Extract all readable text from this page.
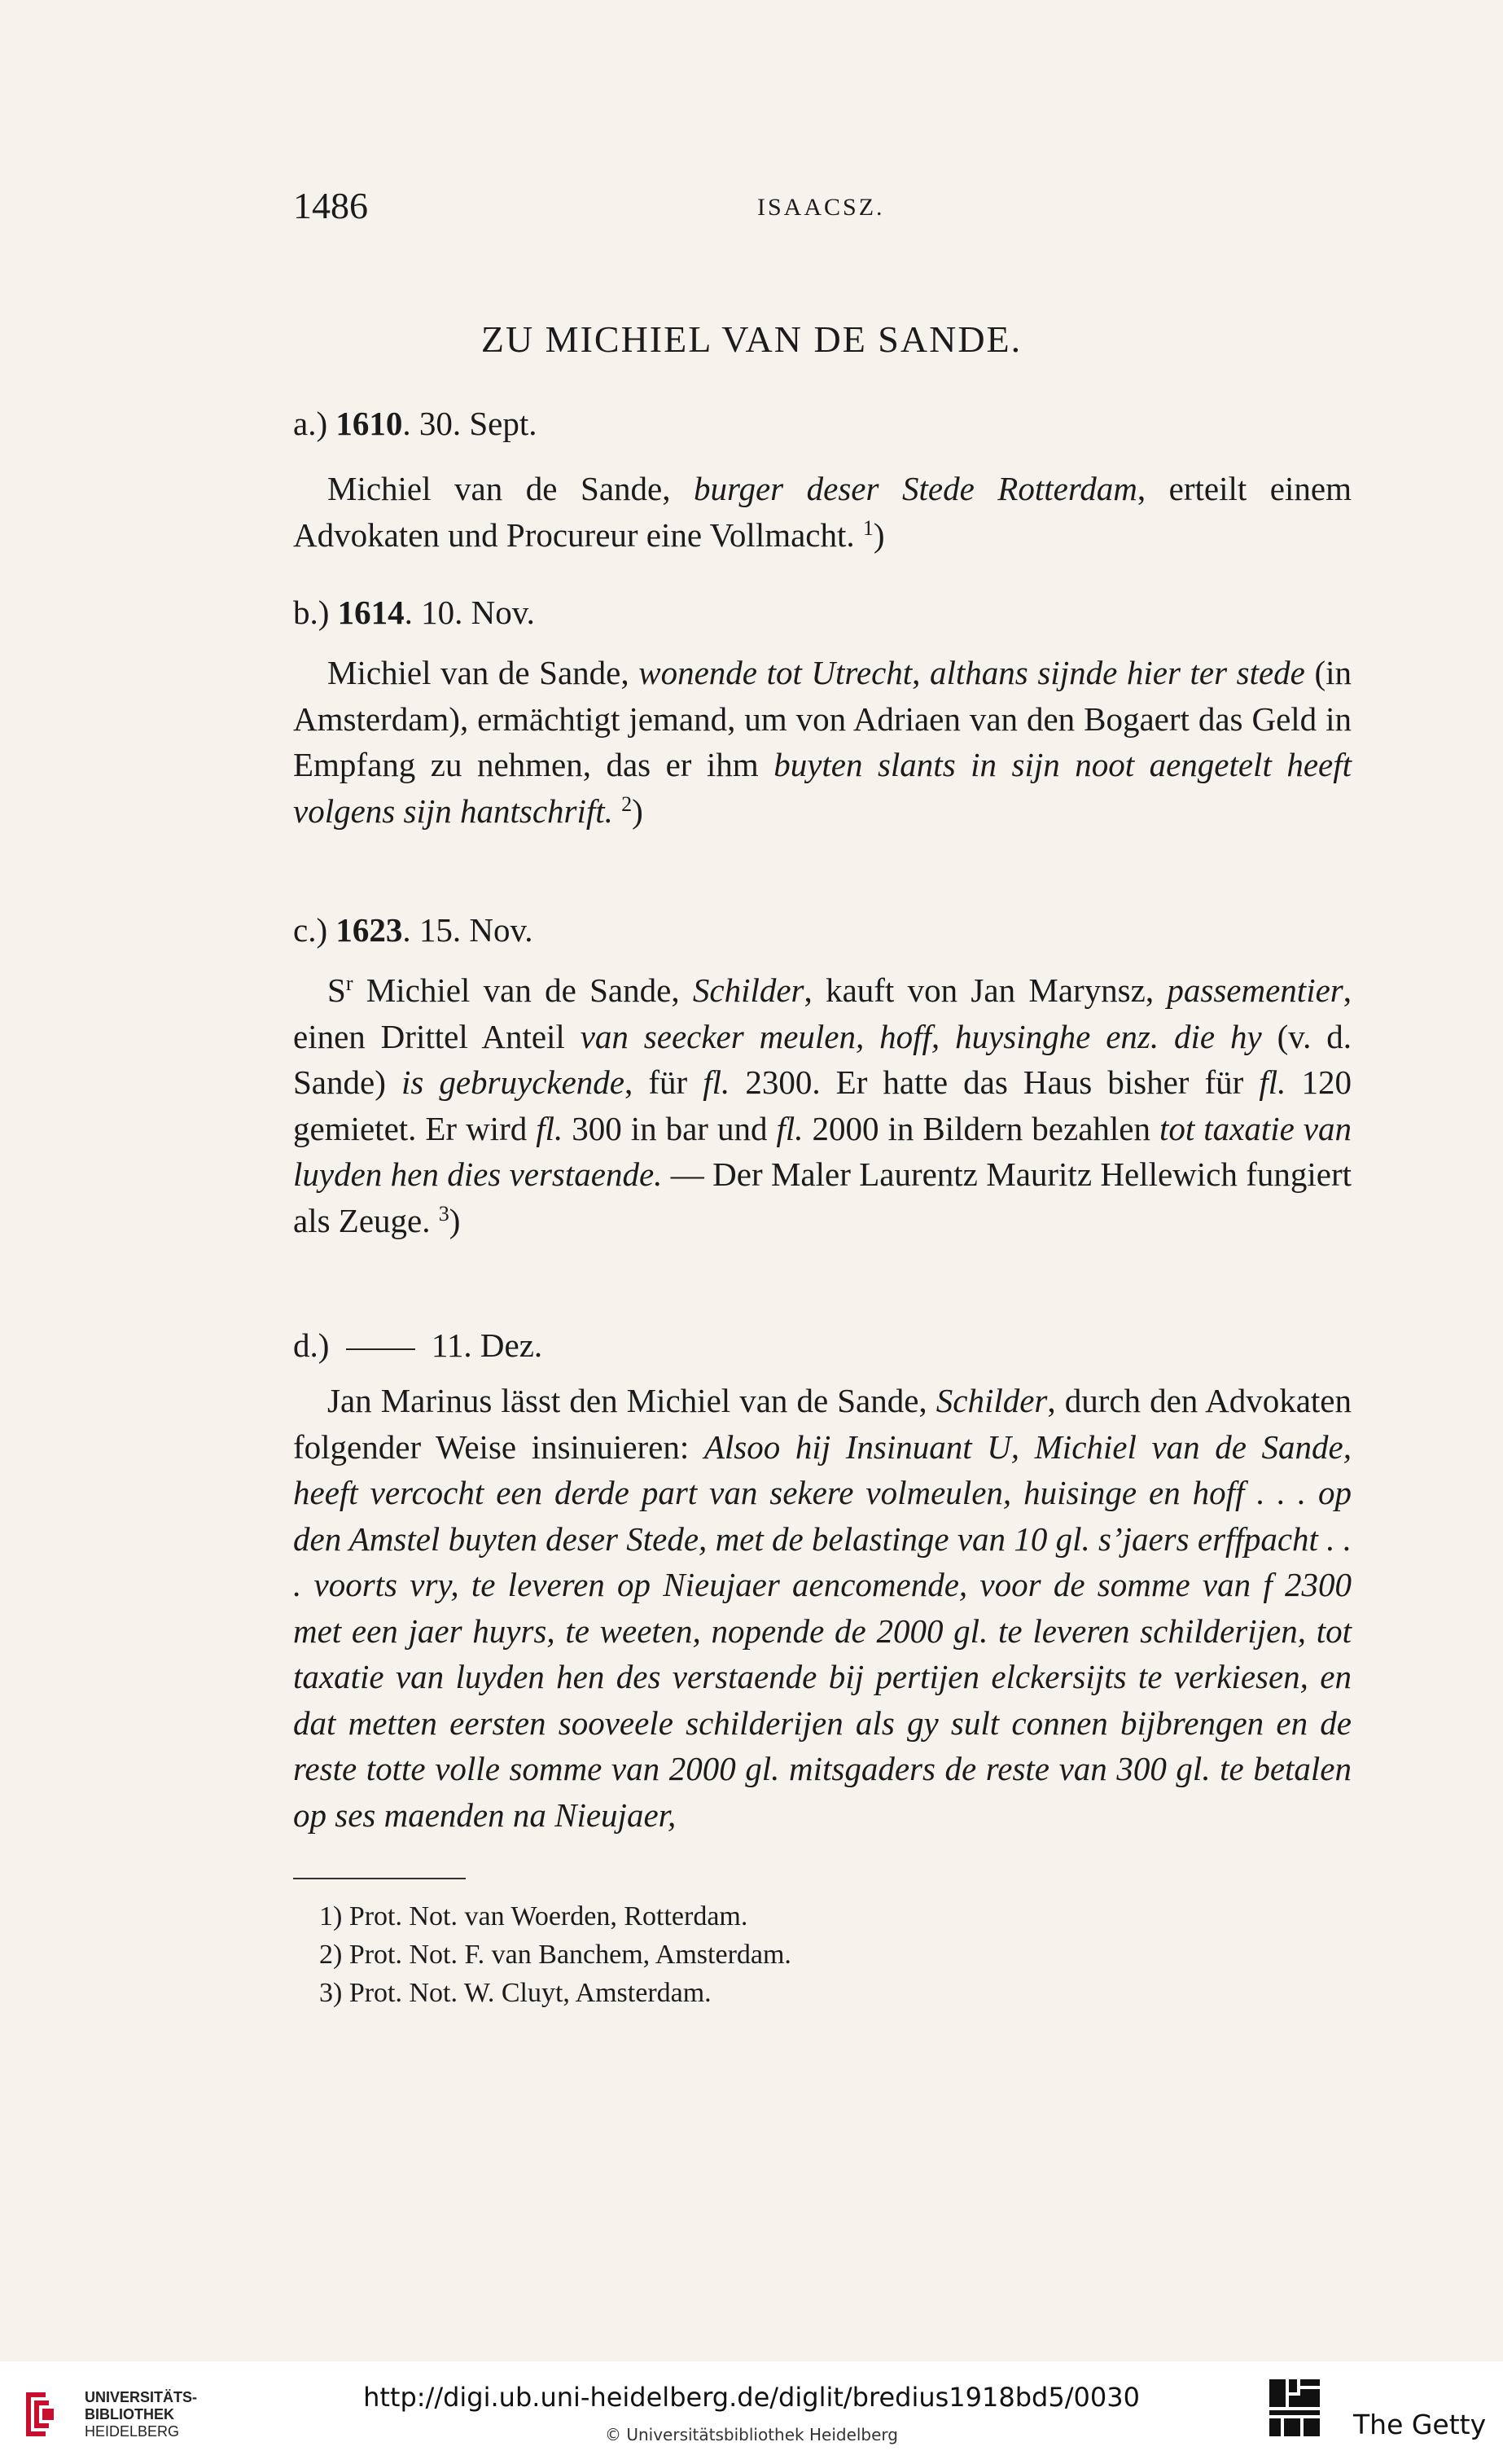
1486	ISAACSZ.
ZU MICHIEL VAN DE SANDE.
a.) 1610. 30. Sept.

Michiel van de Sande, burger deser Stede Rotterdam, erteilt einem Advokaten und Procureur eine Vollmacht. $^1$)

b.) 1614. 10. Nov.

Michiel van de Sande, wonende tot Utrecht, althans sijnde hier ter stede (in Amsterdam), ermächtigt jemand, um von Adriaen van den Bogaert das Geld in Empfang zu nehmen, das er ihm buyten slants in sijn noot aengetelt heeft volgens sijn hantschrift. $^2$)

c.) 1623. 15. Nov.

$S^r$ Michiel van de Sande, Schilder, kauft von Jan Marynsz, passementier, einen Drittel Anteil van seecker meulen, hoff, huysinghe enz. die hy (v. d. Sande) is gebruyckende, für fl. 2300. Er hatte das Haus bisher für fl. 120 gemietet. Er wird fl. 300 in bar und fl. 2000 in Bildern bezahlen tot taxatie van luyden hen dies verstaende. — Der Maler Laurentz Mauritz Hellewich fungiert als Zeuge. $^3$)

d.)	11. Dez.

Jan Marinus lässt den Michiel van de Sande, Schilder, durch den Advokaten folgender Weise insinuieren: Alsoo hij Insinuant U, Michiel van de Sande, heeft vercocht een derde part van sekere volmeulen, huisinge en hoff . . . op den Amstel buyten deser Stede, met de belastinge van 10 gl. s’jaers erffpacht . . . voorts vry, te leveren op Nieujaer aencomende, voor de somme van f 2300 met een jaer huyrs, te weeten, nopende de 2000 gl. te leveren schilderijen, tot taxatie van luyden hen des verstaende bij pertijen elckersijts te verkiesen, en dat metten eersten sooveele schilderijen als gy sult connen bijbrengen en de reste totte volle somme van 2000 gl. mitsgaders de reste van 300 gl. te betalen op ses maenden na Nieujaer,

1) Prot. Not. van Woerden, Rotterdam.
2) Prot. Not. F. van Banchem, Amsterdam.
3) Prot. Not. W. Cluyt, Amsterdam.
UNIVERSITÄTS-
BIBLIOTHEK
HEIDELBERG
http://digi.ub.uni-heidelberg.de/diglit/bredius1918bd5/0030
© Universitätsbibliothek Heidelberg	The Getty
